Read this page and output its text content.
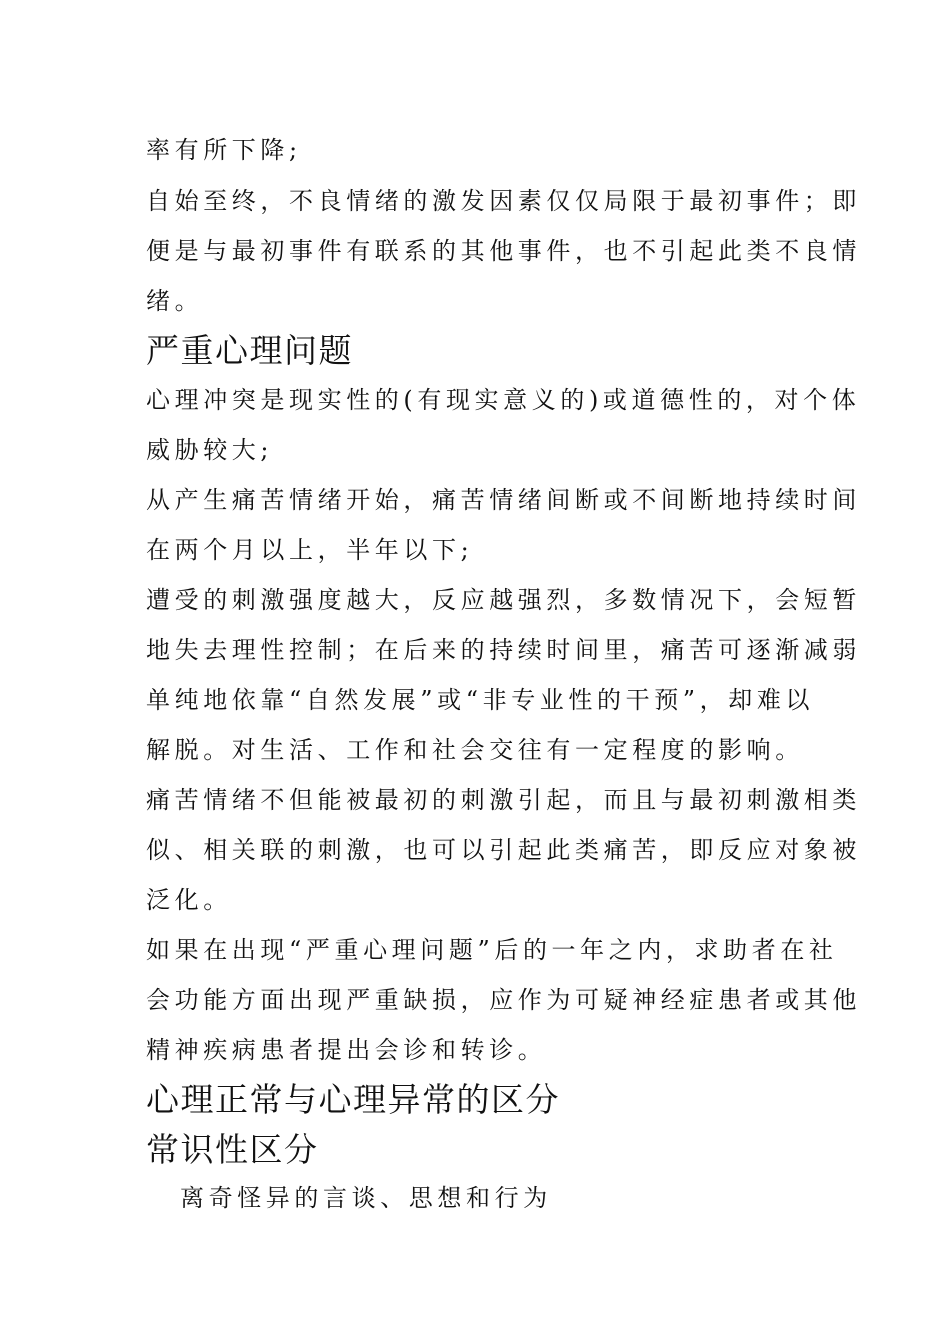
率有所下降;
自始至终，不良情绪的激发因素仅仅局限于最初事件；即
便是与最初事件有联系的其他事件，也不引起此类不良情
绪。
严重心理问题
心理冲突是现实性的(有现实意义的)或道德性的，对个体
威胁较大;
从产生痛苦情绪开始，痛苦情绪间断或不间断地持续时间
在两个月以上，半年以下;
遭受的刺激强度越大，反应越强烈，多数情况下，会短暂
地失去理性控制；在后来的持续时间里，痛苦可逐渐减弱
单纯地依靠“自然发展”或“非专业性的干预”，却难以
解脱。对生活、工作和社会交往有一定程度的影响。
痛苦情绪不但能被最初的刺激引起，而且与最初刺激相类
似、相关联的刺激，也可以引起此类痛苦，即反应对象被
泛化。
如果在出现“严重心理问题”后的一年之内，求助者在社
会功能方面出现严重缺损，应作为可疑神经症患者或其他
精神疾病患者提出会诊和转诊。
心理正常与心理异常的区分
常识性区分
离奇怪异的言谈、思想和行为
